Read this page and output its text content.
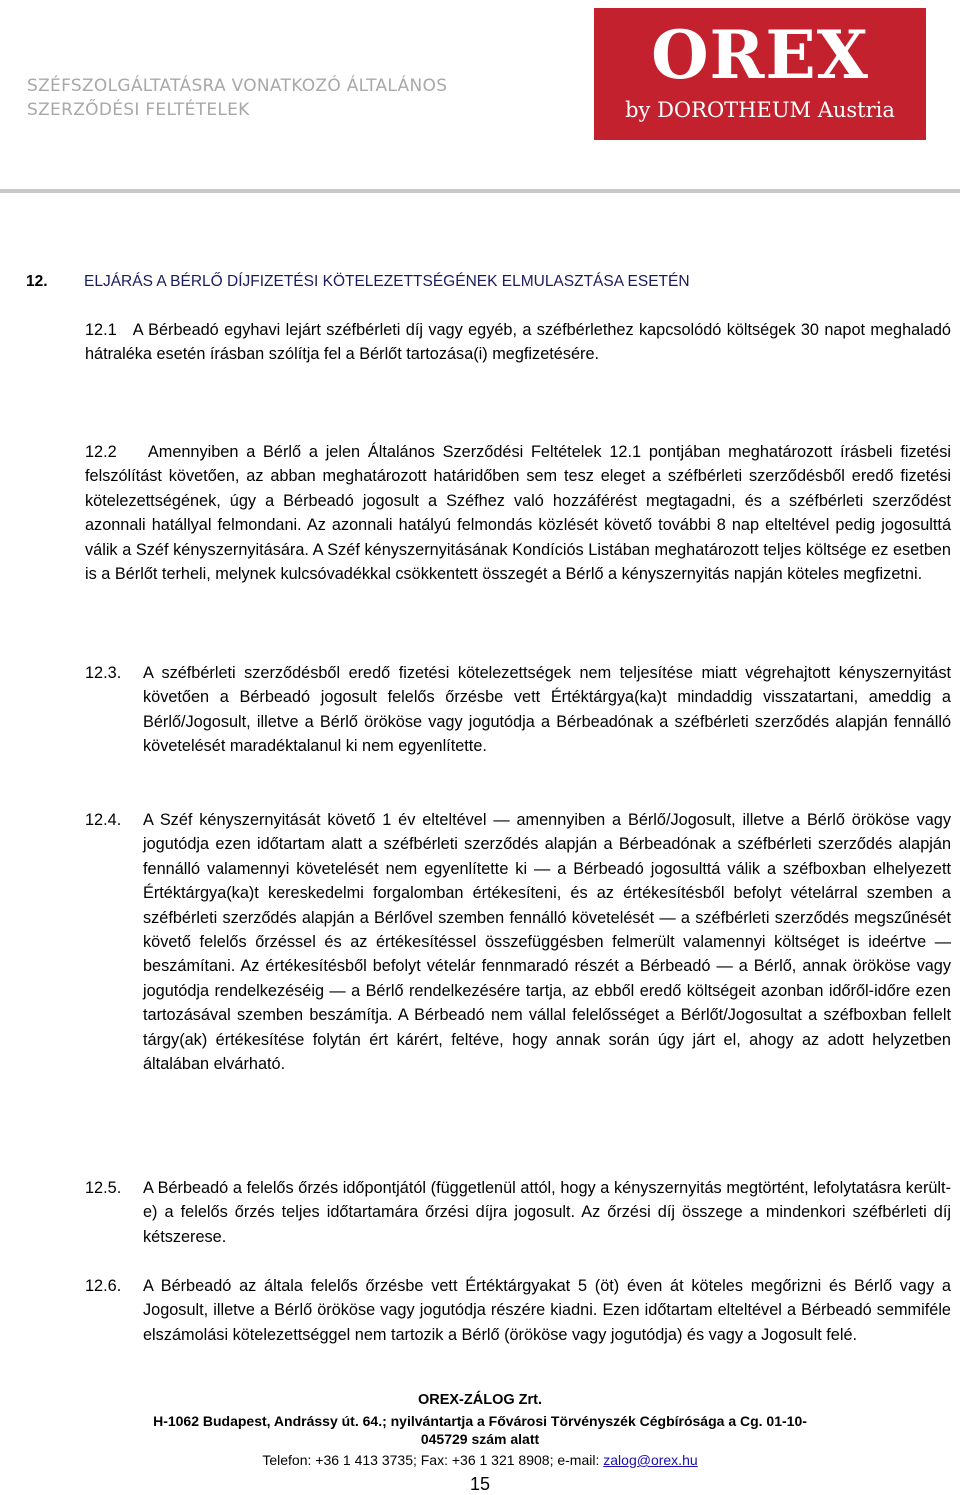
SZÉFSZOLGÁLTATÁSRA VONATKOZÓ ÁLTALÁNOS
SZERZŐDÉSI FELTÉTELEK
OREX
by DOROTHEUM Austria
12. ELJÁRÁS A BÉRLŐ DÍJFIZETÉSI KÖTELEZETTSÉGÉNEK ELMULASZTÁSA ESETÉN
12.1 A Bérbeadó egyhavi lejárt széfbérleti díj vagy egyéb, a széfbérlethez kapcsolódó költségek 30 napot meghaladó hátraléka esetén írásban szólítja fel a Bérlőt tartozása(i) megfizetésére.
12.2 Amennyiben a Bérlő a jelen Általános Szerződési Feltételek 12.1 pontjában meghatározott írásbeli fizetési felszólítást követően, az abban meghatározott határidőben sem tesz eleget a széfbérleti szerződésből eredő fizetési kötelezettségének, úgy a Bérbeadó jogosult a Széfhez való hozzáférést megtagadni, és a széfbérleti szerződést azonnali hatállyal felmondani. Az azonnali hatályú felmondás közlését követő további 8 nap elteltével pedig jogosulttá válik a Széf kényszernyitására. A Széf kényszernyitásának Kondíciós Listában meghatározott teljes költsége ez esetben is a Bérlőt terheli, melynek kulcsóvadékkal csökkentett összegét a Bérlő a kényszernyitás napján köteles megfizetni.
12.3. A széfbérleti szerződésből eredő fizetési kötelezettségek nem teljesítése miatt végrehajtott kényszernyitást követően a Bérbeadó jogosult felelős őrzésbe vett Értéktárgya(ka)t mindaddig visszatartani, ameddig a Bérlő/Jogosult, illetve a Bérlő örököse vagy jogutódja a Bérbeadónak a széfbérleti szerződés alapján fennálló követelését maradéktalanul ki nem egyenlítette.
12.4. A Széf kényszernyitását követő 1 év elteltével — amennyiben a Bérlő/Jogosult, illetve a Bérlő örököse vagy jogutódja ezen időtartam alatt a széfbérleti szerződés alapján a Bérbeadónak a széfbérleti szerződés alapján fennálló valamennyi követelését nem egyenlítette ki — a Bérbeadó jogosulttá válik a széfboxban elhelyezett Értéktárgya(ka)t kereskedelmi forgalomban értékesíteni, és az értékesítésből befolyt vételárral szemben a széfbérleti szerződés alapján a Bérlővel szemben fennálló követelését — a széfbérleti szerződés megszűnését követő felelős őrzéssel és az értékesítéssel összefüggésben felmerült valamennyi költséget is ideértve — beszámítani. Az értékesítésből befolyt vételár fennmaradó részét a Bérbeadó — a Bérlő, annak örököse vagy jogutódja rendelkezéséig — a Bérlő rendelkezésére tartja, az ebből eredő költségeit azonban időről-időre ezen tartozásával szemben beszámítja. A Bérbeadó nem vállal felelősséget a Bérlőt/Jogosultat a széfboxban fellelt tárgy(ak) értékesítése folytán ért kárért, feltéve, hogy annak során úgy járt el, ahogy az adott helyzetben általában elvárható.
12.5. A Bérbeadó a felelős őrzés időpontjától (függetlenül attól, hogy a kényszernyitás megtörtént, lefolytatásra került-e) a felelős őrzés teljes időtartamára őrzési díjra jogosult. Az őrzési díj összege a mindenkori széfbérleti díj kétszerese.
12.6. A Bérbeadó az általa felelős őrzésbe vett Értéktárgyakat 5 (öt) éven át köteles megőrizni és Bérlő vagy a Jogosult, illetve a Bérlő örököse vagy jogutódja részére kiadni. Ezen időtartam elteltével a Bérbeadó semmiféle elszámolási kötelezettséggel nem tartozik a Bérlő (örököse vagy jogutódja) és vagy a Jogosult felé.
OREX-ZÁLOG Zrt.
H-1062 Budapest, Andrássy út. 64.; nyilvántartja a Fővárosi Törvényszék Cégbírósága a Cg. 01-10-
045729 szám alatt
Telefon: +36 1 413 3735; Fax: +36 1 321 8908; e-mail: zalog@orex.hu
15
